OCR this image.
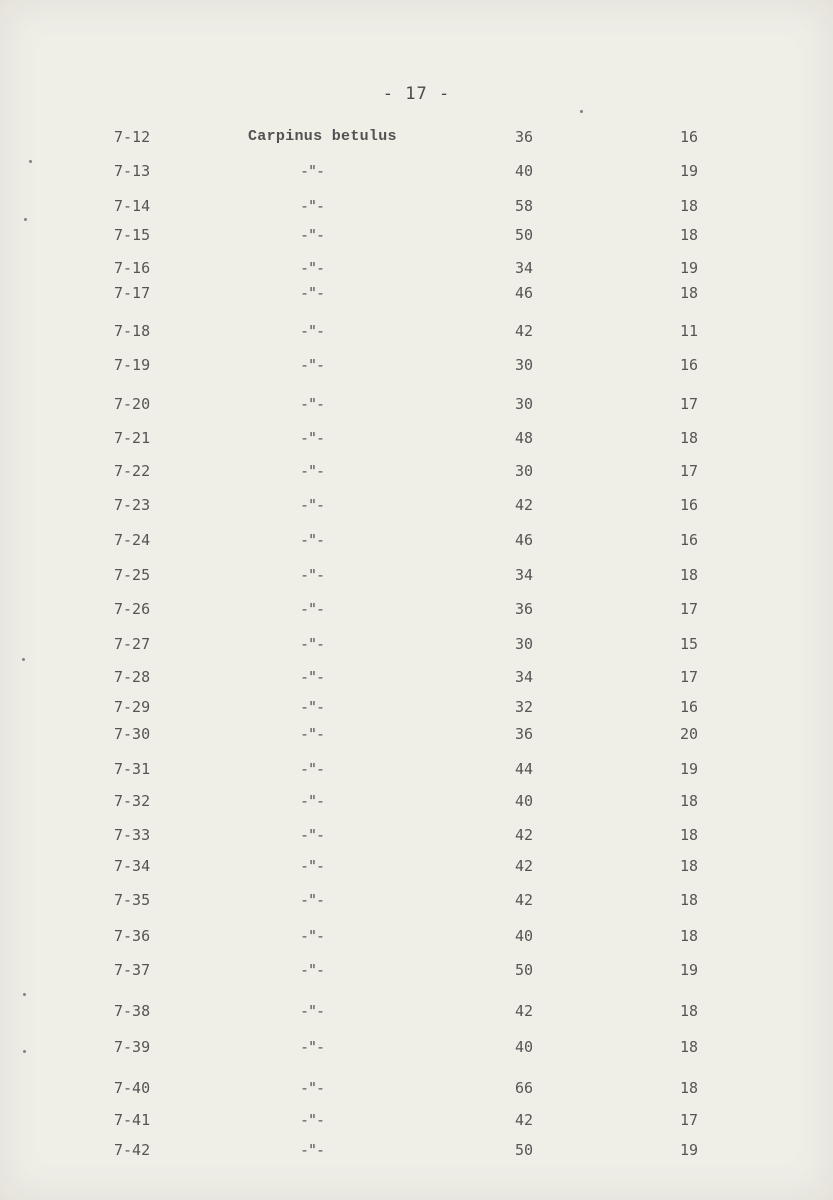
- 17 -
7-12	Carpinus betulus	36	16
7-13	-"-	40	19
7-14	-"-	58	18
7-15	-"-	50	18
7-16	-"-	34	19
7-17	-"-	46	18
7-18	-"-	42	11
7-19	-"-	30	16
7-20	-"-	30	17
7-21	-"-	48	18
7-22	-"-	30	17
7-23	-"-	42	16
7-24	-"-	46	16
7-25	-"-	34	18
7-26	-"-	36	17
7-27	-"-	30	15
7-28	-"-	34	17
7-29	-"-	32	16
7-30	-"-	36	20
7-31	-"-	44	19
7-32	-"-	40	18
7-33	-"-	42	18
7-34	-"-	42	18
7-35	-"-	42	18
7-36	-"-	40	18
7-37	-"-	50	19
7-38	-"-	42	18
7-39	-"-	40	18
7-40	-"-	66	18
7-41	-"-	42	17
7-42	-"-	50	19
